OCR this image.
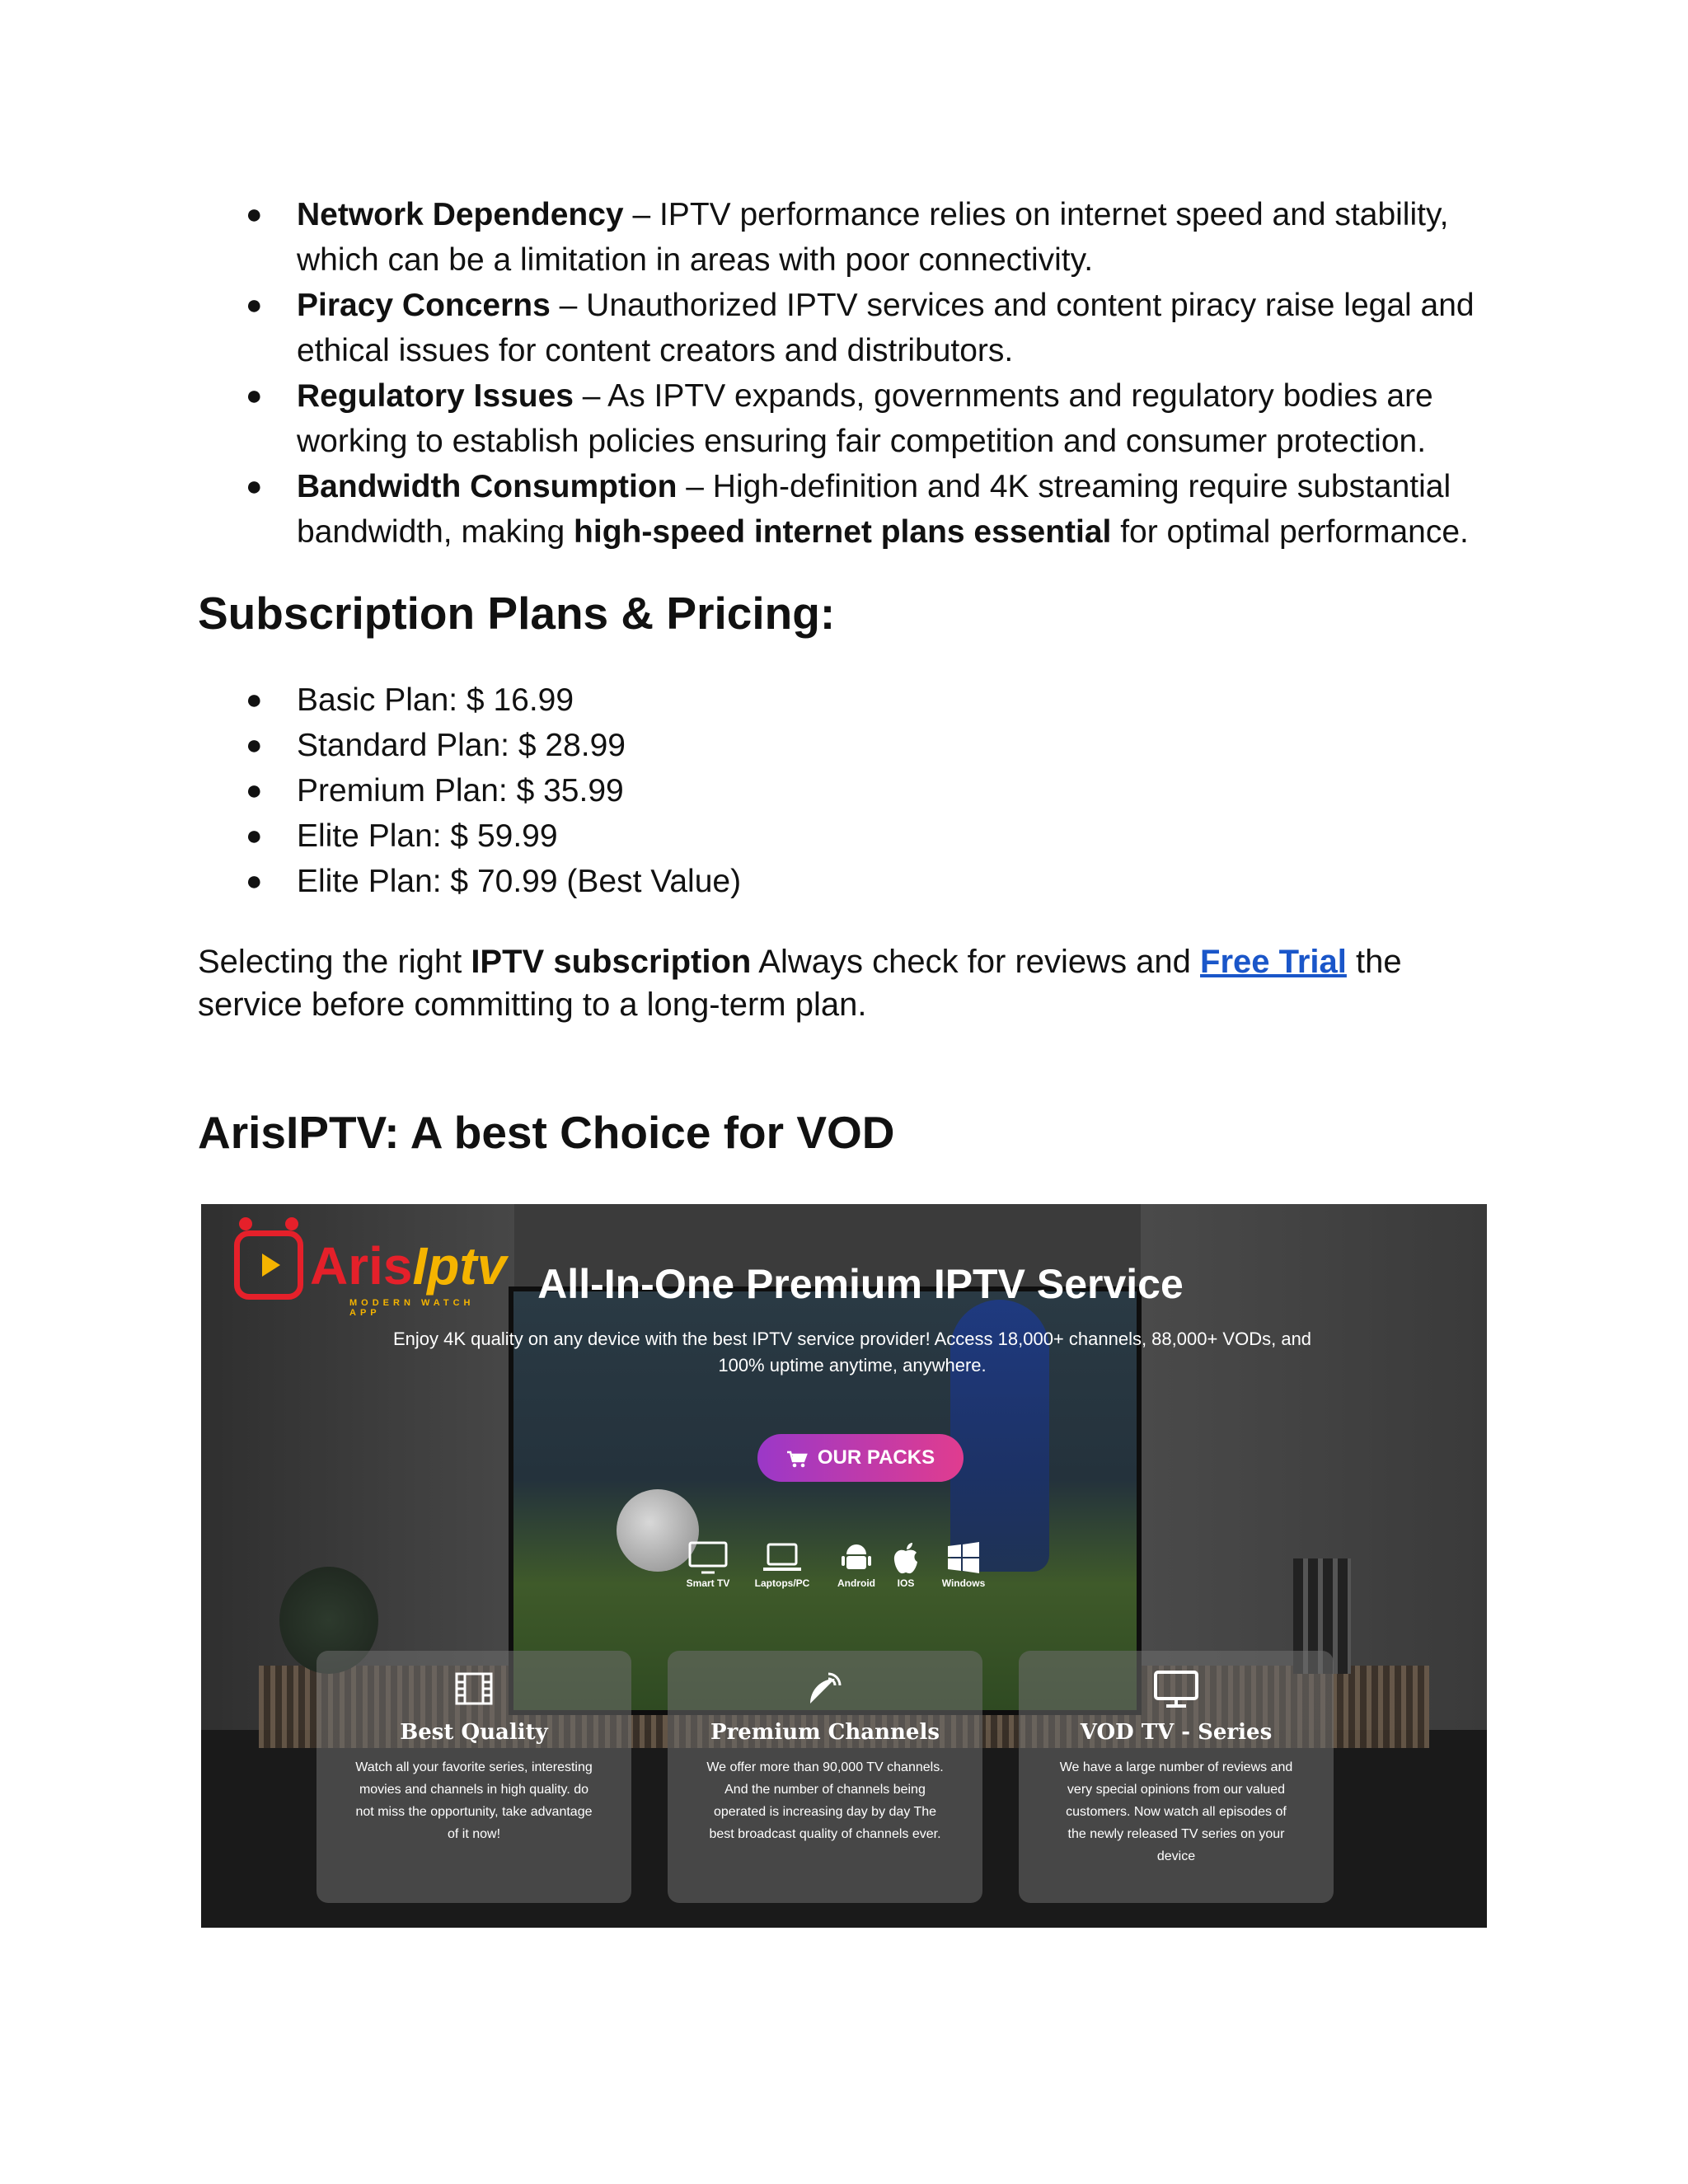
● Network Dependency – IPTV performance relies on internet speed and stability, which can be a limitation in areas with poor connectivity.
● Piracy Concerns – Unauthorized IPTV services and content piracy raise legal and ethical issues for content creators and distributors.
● Regulatory Issues – As IPTV expands, governments and regulatory bodies are working to establish policies ensuring fair competition and consumer protection.
● Bandwidth Consumption – High-definition and 4K streaming require substantial bandwidth, making high-speed internet plans essential for optimal performance.
Subscription Plans & Pricing:
● Basic Plan: $ 16.99
● Standard Plan: $ 28.99
● Premium Plan: $ 35.99
● Elite Plan: $ 59.99
● Elite Plan: $ 70.99 (Best Value)

Selecting the right IPTV subscription Always check for reviews and Free Trial the service before committing to a long-term plan.

ArisIPTV: A best Choice for VOD
ArisIptv
MODERN WATCH APP
All-In-One Premium IPTV Service
Enjoy 4K quality on any device with the best IPTV service provider! Access 18,000+ channels, 88,000+ VODs, and 100% uptime anytime, anywhere.
OUR PACKS
Smart TV	Laptops/PC	Android	IOS	Windows
Best Quality
Watch all your favorite series, interesting movies and channels in high quality. do not miss the opportunity, take advantage of it now!
Premium Channels
We offer more than 90,000 TV channels. And the number of channels being operated is increasing day by day The best broadcast quality of channels ever.
VOD TV - Series
We have a large number of reviews and very special opinions from our valued customers. Now watch all episodes of the newly released TV series on your device
